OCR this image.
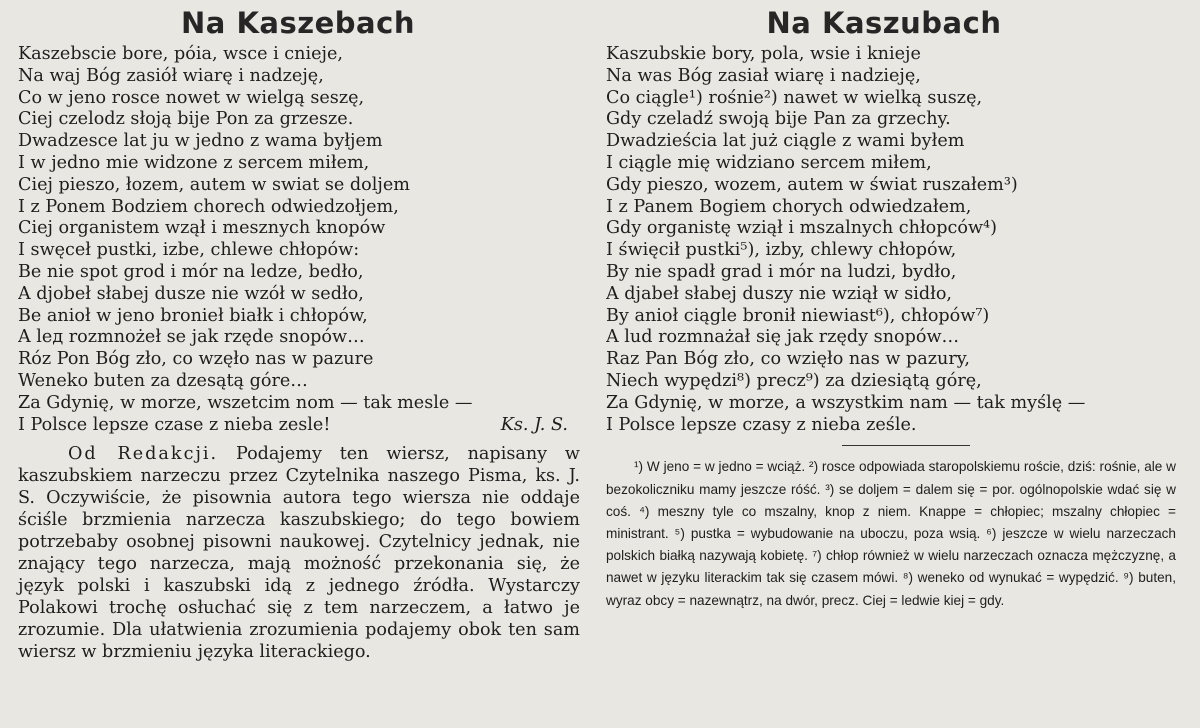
Na Kaszebach
Kaszebscie bore, póia, wsce i cnieje,
Na waj Bóg zasiół wiarę i nadzeję,
Co w jeno rosce nowet w wielgą seszę,
Ciej czelodz słoją bije Pon za grzesze.
Dwadzesce lat ju w jedno z wama byłjem
I w jedno mie widzone z sercem miłem,
Ciej pieszo, łozem, autem w swiat se doljem
I z Ponem Bodziem chorech odwiedzołjem,
Ciej organistem wzął i mesznych knopów
I swęceł pustki, izbe, chlewe chłopów:
Be nie spot grod i mór na ledze, bedło,
A djobeł słabej dusze nie wzół w sedło,
Be anioł w jeno bronieł białk i chłopów,
A lед rozmnożeł se jak rzęde snopów…
Róz Pon Bóg zło, co wzęło nas w pazure
Weneko buten za dzesątą góre…
Za Gdynię, w morze, wszetcim nom — tak mesle —
I Polsce lepsze czasе z nieba zesle!	Ks. J. S.

Od Redakcji. Podajemy ten wiersz, napisany w kaszubskiem narzeczu przez Czytelnika naszego Pisma, ks. J. S. Oczywiście, że pisownia autora tego wiersza nie oddaje ściśle brzmienia narzecza kaszubskiego; do tego bowiem potrzebaby osobnej pisowni naukowej. Czytelnicy jednak, nie znający tego narzecza, mają możność przekonania się, że język polski i kaszubski idą z jednego źródła. Wystarczy Polakowi trochę osłuchać się z tem narzeczem, a łatwo je zrozumie. Dla ułatwienia zrozumienia podajemy obok ten sam wiersz w brzmieniu języka literackiego.

Na Kaszubach
Kaszubskie bory, pola, wsie i knieje
Na was Bóg zasiał wiarę i nadzieję,
Co ciągle¹) rośnie²) nawet w wielką suszę,
Gdy czeladź swoją bije Pan za grzechy.
Dwadzieścia lat już ciągle z wami byłem
I ciągle mię widziano sercem miłem,
Gdy pieszo, wozem, autem w świat ruszałem³)
I z Panem Bogiem chorych odwiedzałem,
Gdy organistę wziął i mszalnych chłopców⁴)
I święcił pustki⁵), izby, chlewy chłopów,
By nie spadł grad i mór na ludzi, bydło,
A djabeł słabej duszy nie wziął w sidło,
By anioł ciągle bronił niewiast⁶), chłopów⁷)
A lud rozmnażał się jak rzędy snopów…
Raz Pan Bóg zło, co wzięło nas w pazury,
Niech wypędzi⁸) precz⁹) za dziesiątą górę,
Za Gdynię, w morze, a wszystkim nam — tak myślę —
I Polsce lepsze czasy z nieba ześle.

¹) W jeno = w jedno = wciąż. ²) rosce odpowiada staropolskiemu roście, dziś: rośnie, ale w bezokoliczniku mamy jeszcze róść. ³) se doljem = dalem się = por. ogólnopolskie wdać się w coś. ⁴) meszny tyle co mszalny, knop z niem. Knappe = chłopiec; mszalny chłopiec = ministrant. ⁵) pustka = wybudowanie na uboczu, poza wsią. ⁶) jeszcze w wielu narzeczach polskich białką nazywają kobietę. ⁷) chłop również w wielu narzeczach oznacza mężczyznę, a nawet w języku literackim tak się czasem mówi. ⁸) weneko od wynukać = wypędzić. ⁹) buten, wyraz obcy = nazewnątrz, na dwór, precz. Ciej = ledwie kiej = gdy.
